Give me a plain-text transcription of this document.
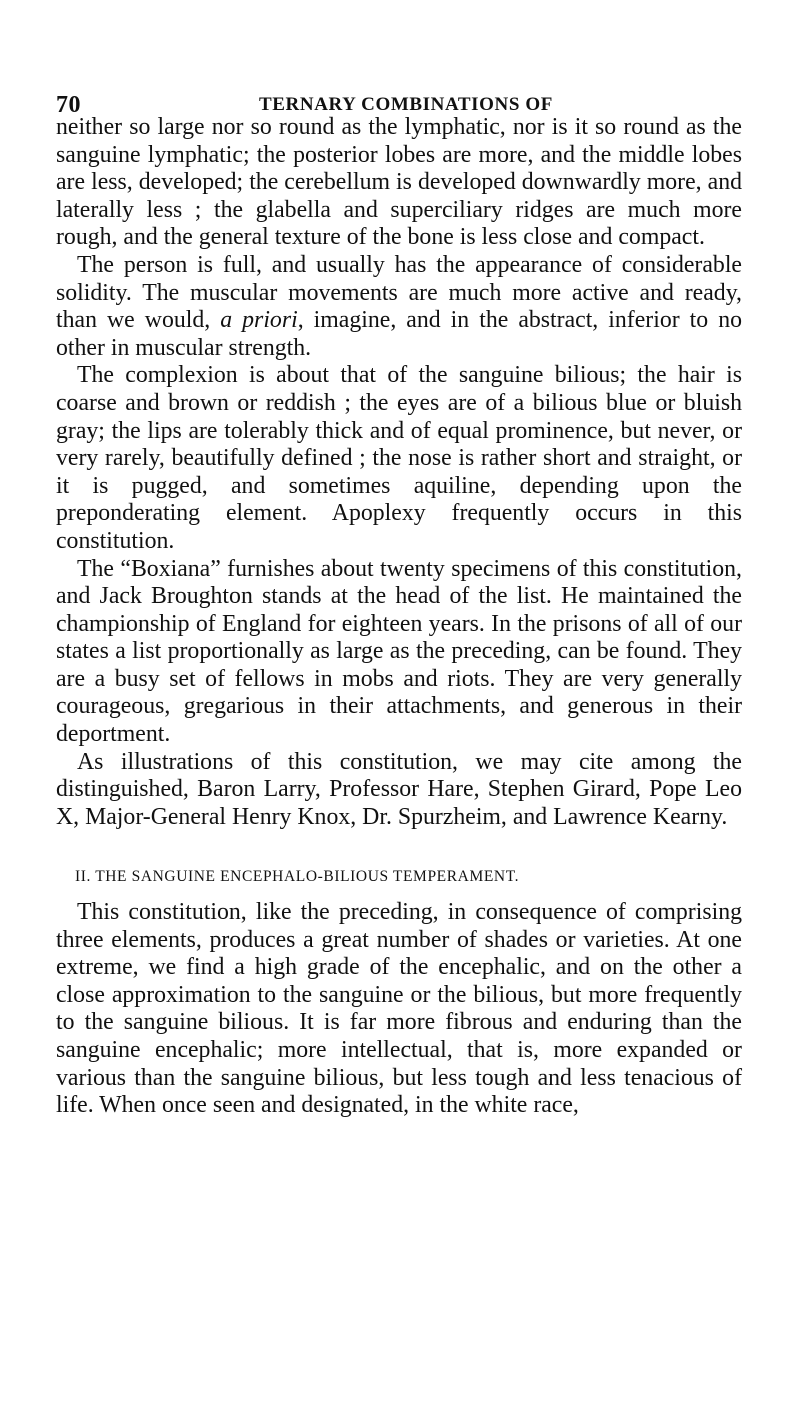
70	TERNARY COMBINATIONS OF

neither so large nor so round as the lymphatic, nor is it so round as the sanguine lymphatic; the posterior lobes are more, and the middle lobes are less, developed; the cerebellum is developed downwardly more, and laterally less ; the glabella and superciliary ridges are much more rough, and the general texture of the bone is less close and compact.

The person is full, and usually has the appearance of considerable solidity. The muscular movements are much more active and ready, than we would, a priori, imagine, and in the abstract, inferior to no other in muscular strength.

The complexion is about that of the sanguine bilious; the hair is coarse and brown or reddish ; the eyes are of a bilious blue or bluish gray; the lips are tolerably thick and of equal prominence, but never, or very rarely, beautifully defined ; the nose is rather short and straight, or it is pugged, and sometimes aquiline, depending upon the preponderating element. Apoplexy frequently occurs in this constitution.

The “Boxiana” furnishes about twenty specimens of this constitution, and Jack Broughton stands at the head of the list. He maintained the championship of England for eighteen years. In the prisons of all of our states a list proportionally as large as the preceding, can be found. They are a busy set of fellows in mobs and riots. They are very generally courageous, gregarious in their attachments, and generous in their deportment.

As illustrations of this constitution, we may cite among the distinguished, Baron Larry, Professor Hare, Stephen Girard, Pope Leo X, Major-General Henry Knox, Dr. Spurzheim, and Lawrence Kearny.

II. THE SANGUINE ENCEPHALO-BILIOUS TEMPERAMENT.

This constitution, like the preceding, in consequence of comprising three elements, produces a great number of shades or varieties. At one extreme, we find a high grade of the encephalic, and on the other a close approximation to the sanguine or the bilious, but more frequently to the sanguine bilious. It is far more fibrous and enduring than the sanguine encephalic; more intellectual, that is, more expanded or various than the sanguine bilious, but less tough and less tenacious of life. When once seen and designated, in the white race,
